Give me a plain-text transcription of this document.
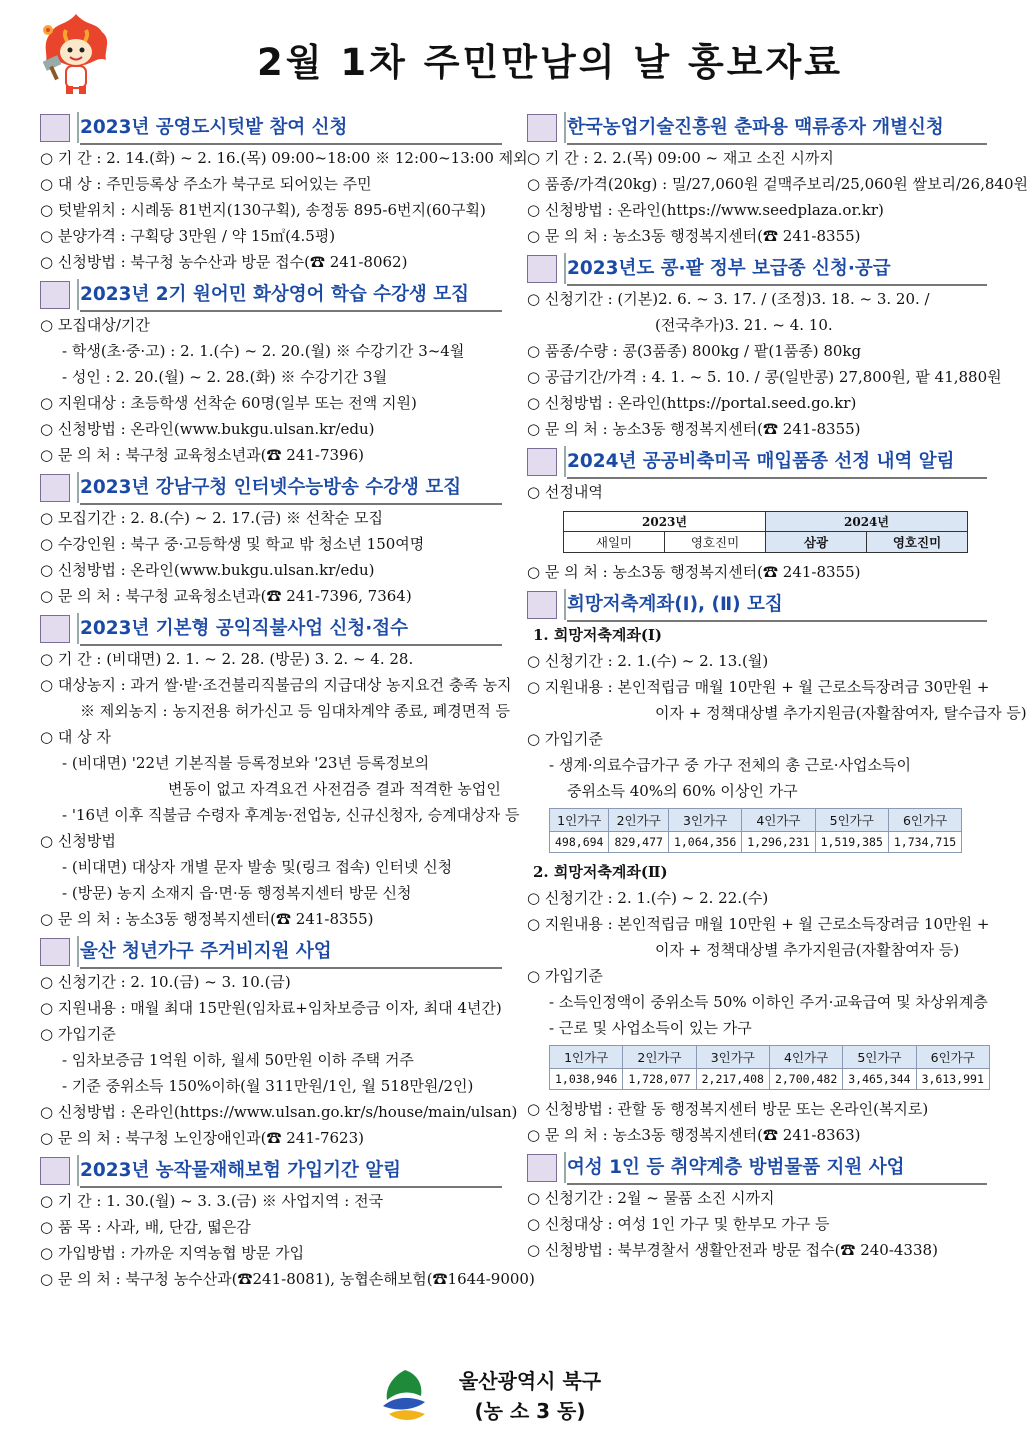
2월 1차 주민만남의 날 홍보자료
2023년 공영도시텃밭 참여 신청
○ 기 간 : 2. 14.(화) ~ 2. 16.(목) 09:00~18:00 ※ 12:00~13:00 제외
○ 대 상 : 주민등록상 주소가 북구로 되어있는 주민
○ 텃밭위치 : 시례동 81번지(130구획), 송정동 895-6번지(60구획)
○ 분양가격 : 구획당 3만원 / 약 15㎡(4.5평)
○ 신청방법 : 북구청 농수산과 방문 접수(☎ 241-8062)
2023년 2기 원어민 화상영어 학습 수강생 모집
○ 모집대상/기간
- 학생(초·중·고) : 2. 1.(수) ~ 2. 20.(월) ※ 수강기간 3~4월
- 성인 : 2. 20.(월) ~ 2. 28.(화) ※ 수강기간 3월
○ 지원대상 : 초등학생 선착순 60명(일부 또는 전액 지원)
○ 신청방법 : 온라인(www.bukgu.ulsan.kr/edu)
○ 문 의 처 : 북구청 교육청소년과(☎ 241-7396)
2023년 강남구청 인터넷수능방송 수강생 모집
○ 모집기간 : 2. 8.(수) ~ 2. 17.(금) ※ 선착순 모집
○ 수강인원 : 북구 중·고등학생 및 학교 밖 청소년 150여명
○ 신청방법 : 온라인(www.bukgu.ulsan.kr/edu)
○ 문 의 처 : 북구청 교육청소년과(☎ 241-7396, 7364)
2023년 기본형 공익직불사업 신청·접수
○ 기 간 : (비대면) 2. 1. ~ 2. 28. (방문) 3. 2. ~ 4. 28.
○ 대상농지 : 과거 쌀·밭·조건불리직불금의 지급대상 농지요건 충족 농지
※ 제외농지 : 농지전용 허가신고 등 임대차계약 종료, 폐경면적 등
○ 대 상 자
- (비대면) '22년 기본직불 등록정보와 '23년 등록정보의
변동이 없고 자격요건 사전검증 결과 적격한 농업인
- '16년 이후 직불금 수령자 후계농·전업농, 신규신청자, 승계대상자 등
○ 신청방법
- (비대면) 대상자 개별 문자 발송 및(링크 접속) 인터넷 신청
- (방문) 농지 소재지 읍·면·동 행정복지센터 방문 신청
○ 문 의 처 : 농소3동 행정복지센터(☎ 241-8355)
울산 청년가구 주거비지원 사업
○ 신청기간 : 2. 10.(금) ~ 3. 10.(금)
○ 지원내용 : 매월 최대 15만원(임차료+임차보증금 이자, 최대 4년간)
○ 가입기준
- 임차보증금 1억원 이하, 월세 50만원 이하 주택 거주
- 기준 중위소득 150%이하(월 311만원/1인, 월 518만원/2인)
○ 신청방법 : 온라인(https://www.ulsan.go.kr/s/house/main/ulsan)
○ 문 의 처 : 북구청 노인장애인과(☎ 241-7623)
2023년 농작물재해보험 가입기간 알림
○ 기 간 : 1. 30.(월) ~ 3. 3.(금) ※ 사업지역 : 전국
○ 품 목 : 사과, 배, 단감, 떫은감
○ 가입방법 : 가까운 지역농협 방문 가입
○ 문 의 처 : 북구청 농수산과(☎241-8081), 농협손해보험(☎1644-9000)
한국농업기술진흥원 춘파용 맥류종자 개별신청
○ 기 간 : 2. 2.(목) 09:00 ~ 재고 소진 시까지
○ 품종/가격(20kg) : 밀/27,060원 겉맥주보리/25,060원 쌀보리/26,840원
○ 신청방법 : 온라인(https://www.seedplaza.or.kr)
○ 문 의 처 : 농소3동 행정복지센터(☎ 241-8355)
2023년도 콩·팥 정부 보급종 신청·공급
○ 신청기간 : (기본)2. 6. ~ 3. 17. / (조정)3. 18. ~ 3. 20. /
(전국추가)3. 21. ~ 4. 10.
○ 품종/수량 : 콩(3품종) 800kg / 팥(1품종) 80kg
○ 공급기간/가격 : 4. 1. ~ 5. 10. / 콩(일반콩) 27,800원, 팥 41,880원
○ 신청방법 : 온라인(https://portal.seed.go.kr)
○ 문 의 처 : 농소3동 행정복지센터(☎ 241-8355)
2024년 공공비축미곡 매입품종 선정 내역 알림
○ 선정내역
2023년		2024년	
새일미	영호진미	삼광	영호진미
○ 문 의 처 : 농소3동 행정복지센터(☎ 241-8355)
희망저축계좌(Ⅰ), (Ⅱ) 모집
1. 희망저축계좌(Ⅰ)
○ 신청기간 : 2. 1.(수) ~ 2. 13.(월)
○ 지원내용 : 본인적립금 매월 10만원 + 월 근로소득장려금 30만원 +
이자 + 정책대상별 추가지원금(자활참여자, 탈수급자 등)
○ 가입기준
- 생계·의료수급가구 중 가구 전체의 총 근로·사업소득이
중위소득 40%의 60% 이상인 가구
1인가구	2인가구	3인가구	4인가구	5인가구	6인가구
498,694	829,477	1,064,356	1,296,231	1,519,385	1,734,715
2. 희망저축계좌(Ⅱ)
○ 신청기간 : 2. 1.(수) ~ 2. 22.(수)
○ 지원내용 : 본인적립금 매월 10만원 + 월 근로소득장려금 10만원 +
이자 + 정책대상별 추가지원금(자활참여자 등)
○ 가입기준
- 소득인정액이 중위소득 50% 이하인 주거·교육급여 및 차상위계층
- 근로 및 사업소득이 있는 가구
1인가구	2인가구	3인가구	4인가구	5인가구	6인가구
1,038,946	1,728,077	2,217,408	2,700,482	3,465,344	3,613,991
○ 신청방법 : 관할 동 행정복지센터 방문 또는 온라인(복지로)
○ 문 의 처 : 농소3동 행정복지센터(☎ 241-8363)
여성 1인 등 취약계층 방범물품 지원 사업
○ 신청기간 : 2월 ~ 물품 소진 시까지
○ 신청대상 : 여성 1인 가구 및 한부모 가구 등
○ 신청방법 : 북부경찰서 생활안전과 방문 접수(☎ 240-4338)
울산광역시 북구
(농 소 3 동)
